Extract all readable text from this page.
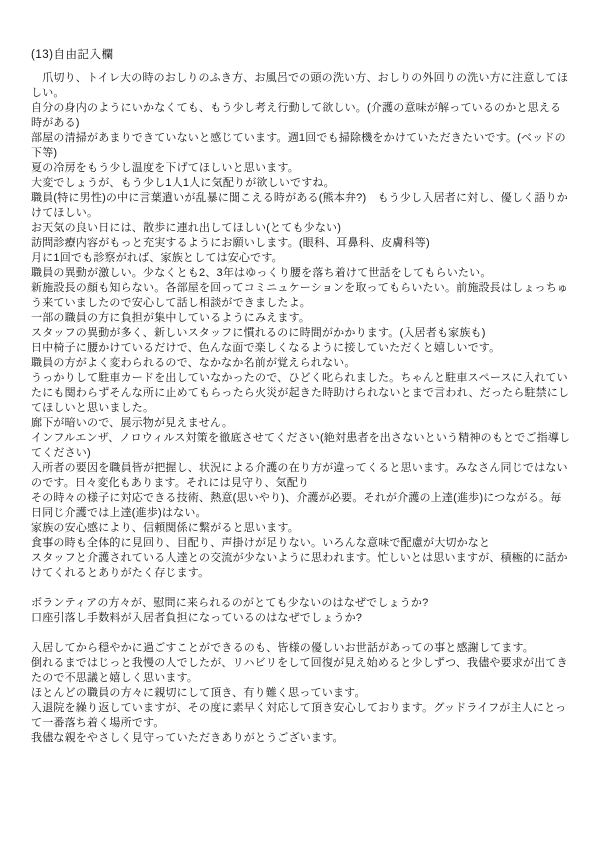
(13)自由記入欄

　爪切り、トイレ大の時のおしりのふき方、お風呂での頭の洗い方、おしりの外回りの洗い方に注意してほしい。

自分の身内のようにいかなくても、もう少し考え行動して欲しい。(介護の意味が解っているのかと思える時がある)

部屋の清掃があまりできていないと感じています。週1回でも掃除機をかけていただきたいです。(ベッドの下等)

夏の冷房をもう少し温度を下げてほしいと思います。

大変でしょうが、もう少し1人1人に気配りが欲しいですね。

職員(特に男性)の中に言葉遣いが乱暴に聞こえる時がある(熊本弁?)　もう少し入居者に対し、優しく語りかけてほしい。

お天気の良い日には、散歩に連れ出してほしい(とても少ない)

訪問診療内容がもっと充実するようにお願いします。(眼科、耳鼻科、皮膚科等)

月に1回でも診察がれば、家族としては安心です。

職員の異動が激しい。少なくとも2、3年はゆっくり腰を落ち着けて世話をしてもらいたい。

新施設長の顔も知らない。各部屋を回ってコミニュケーションを取ってもらいたい。前施設長はしょっちゅう来ていましたので安心して話し相談ができましたよ。

一部の職員の方に負担が集中しているようにみえます。

スタッフの異動が多く、新しいスタッフに慣れるのに時間がかかります。(入居者も家族も)

日中椅子に腰かけているだけで、色んな面で楽しくなるように接していただくと嬉しいです。

職員の方がよく変わられるので、なかなか名前が覚えられない。

うっかりして駐車カードを出していなかったので、ひどく叱られました。ちゃんと駐車スペースに入れていたにも関わらずそんな所に止めてもらったら火災が起きた時助けられないとまで言われ、だったら駐禁にしてほしいと思いました。

廊下が暗いので、展示物が見えません。

インフルエンザ、ノロウィルス対策を徹底させてください(絶対患者を出さないという精神のもとでご指導してください)

入所者の要因を職員皆が把握し、状況による介護の在り方が違ってくると思います。みなさん同じではないのです。日々変化もあります。それには見守り、気配り

その時々の様子に対応できる技術、熱意(思いやり)、介護が必要。それが介護の上達(進歩)につながる。毎日同じ介護では上達(進歩)はない。

家族の安心感により、信頼関係に繋がると思います。

食事の時も全体的に見回り、目配り、声掛けが足りない。いろんな意味で配慮が大切かなと

スタッフと介護されている人達との交流が少ないように思われます。忙しいとは思いますが、積極的に話かけてくれるとありがたく存じます。

ボランティアの方々が、慰問に来られるのがとても少ないのはなぜでしょうか?

口座引落し手数料が入居者負担になっているのはなぜでしょうか?

入居してから穏やかに過ごすことができるのも、皆様の優しいお世話があっての事と感謝してます。

倒れるまではじっと我慢の人でしたが、リハビリをして回復が見え始めると少しずつ、我儘や要求が出てきたので不思議と嬉しく思います。

ほとんどの職員の方々に親切にして頂き、有り難く思っています。

入退院を繰り返していますが、その度に素早く対応して頂き安心しております。グッドライフが主人にとって一番落ち着く場所です。

我儘な親をやさしく見守っていただきありがとうございます。
